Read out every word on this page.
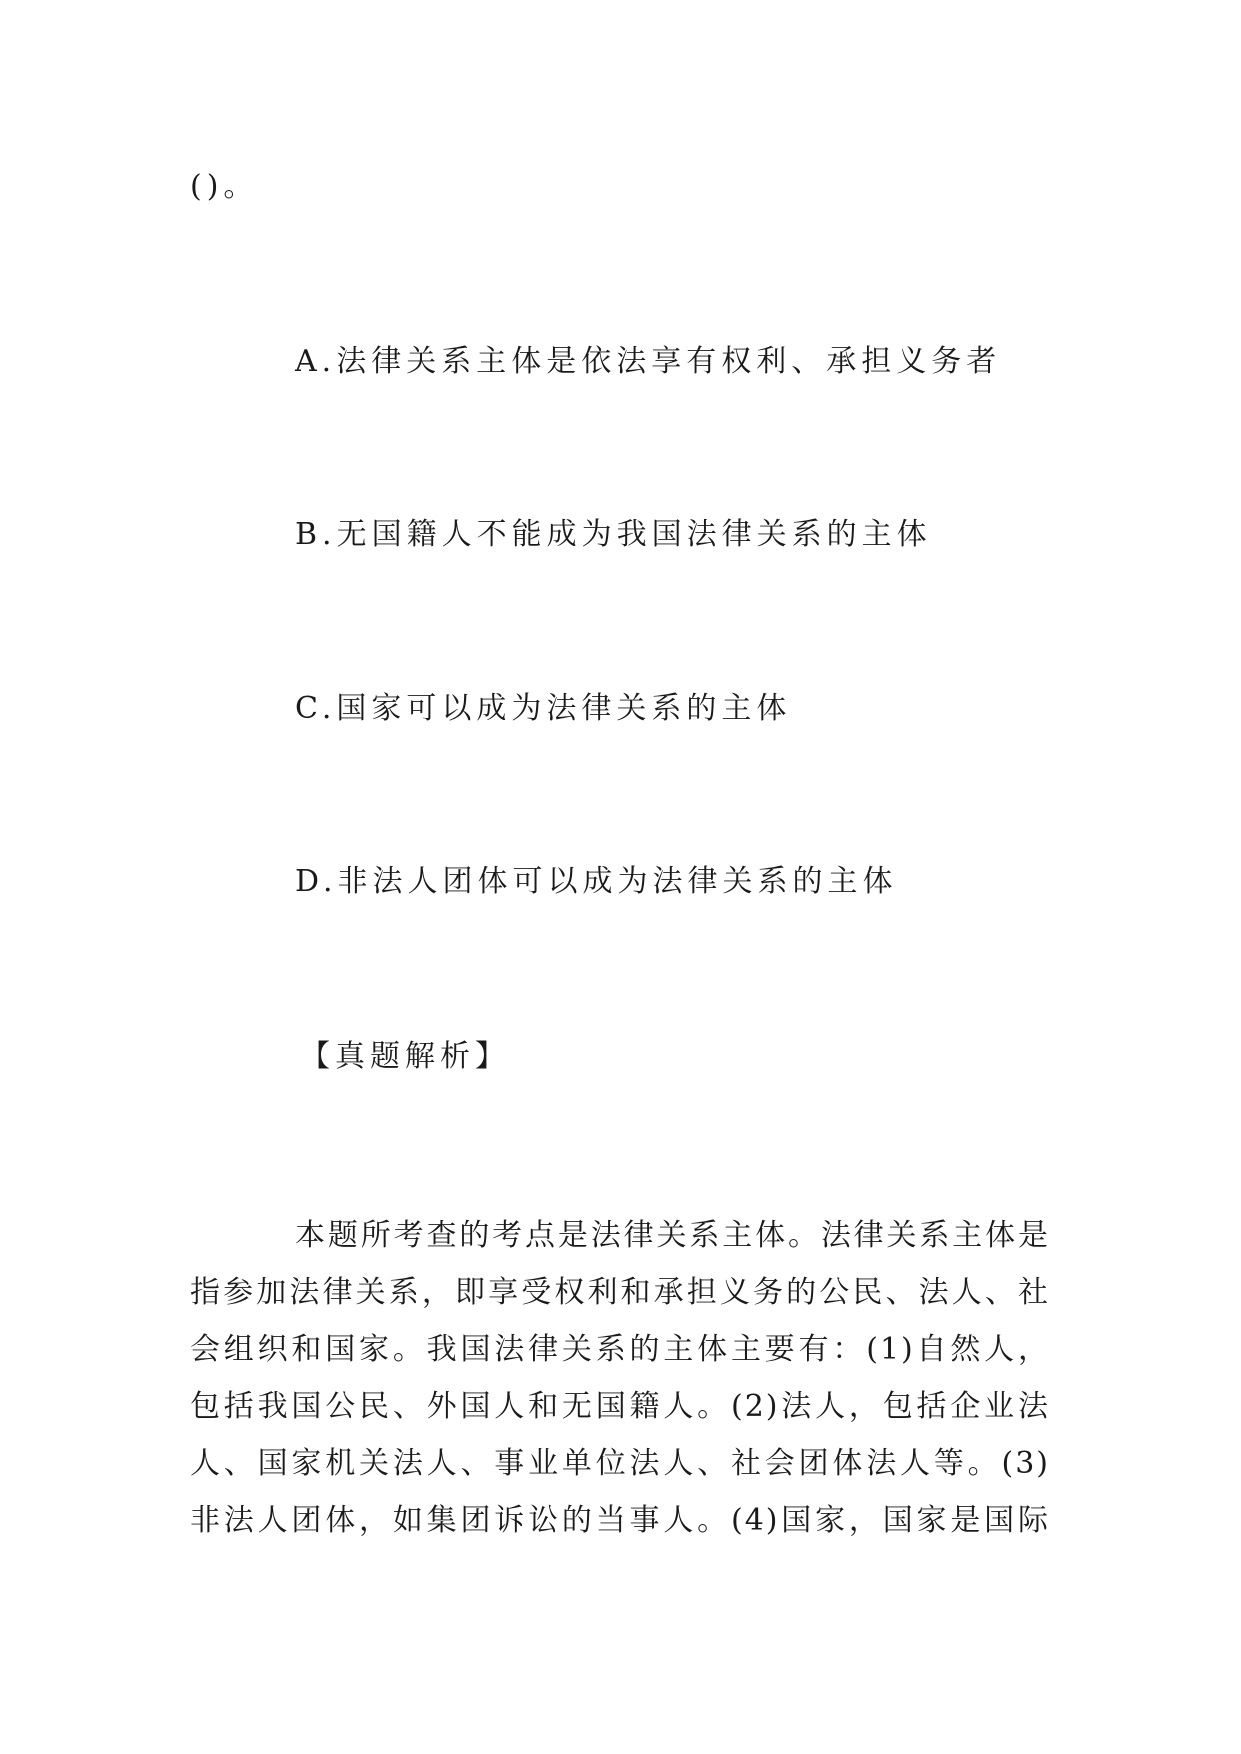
()。
A.法律关系主体是依法享有权利、承担义务者
B.无国籍人不能成为我国法律关系的主体
C.国家可以成为法律关系的主体
D.非法人团体可以成为法律关系的主体
【真题解析】
本题所考查的考点是法律关系主体。法律关系主体是
指参加法律关系，即享受权利和承担义务的公民、法人、社
会组织和国家。我国法律关系的主体主要有：(1)自然人，
包括我国公民、外国人和无国籍人。(2)法人，包括企业法
人、国家机关法人、事业单位法人、社会团体法人等。(3)
非法人团体，如集团诉讼的当事人。(4)国家，国家是国际
